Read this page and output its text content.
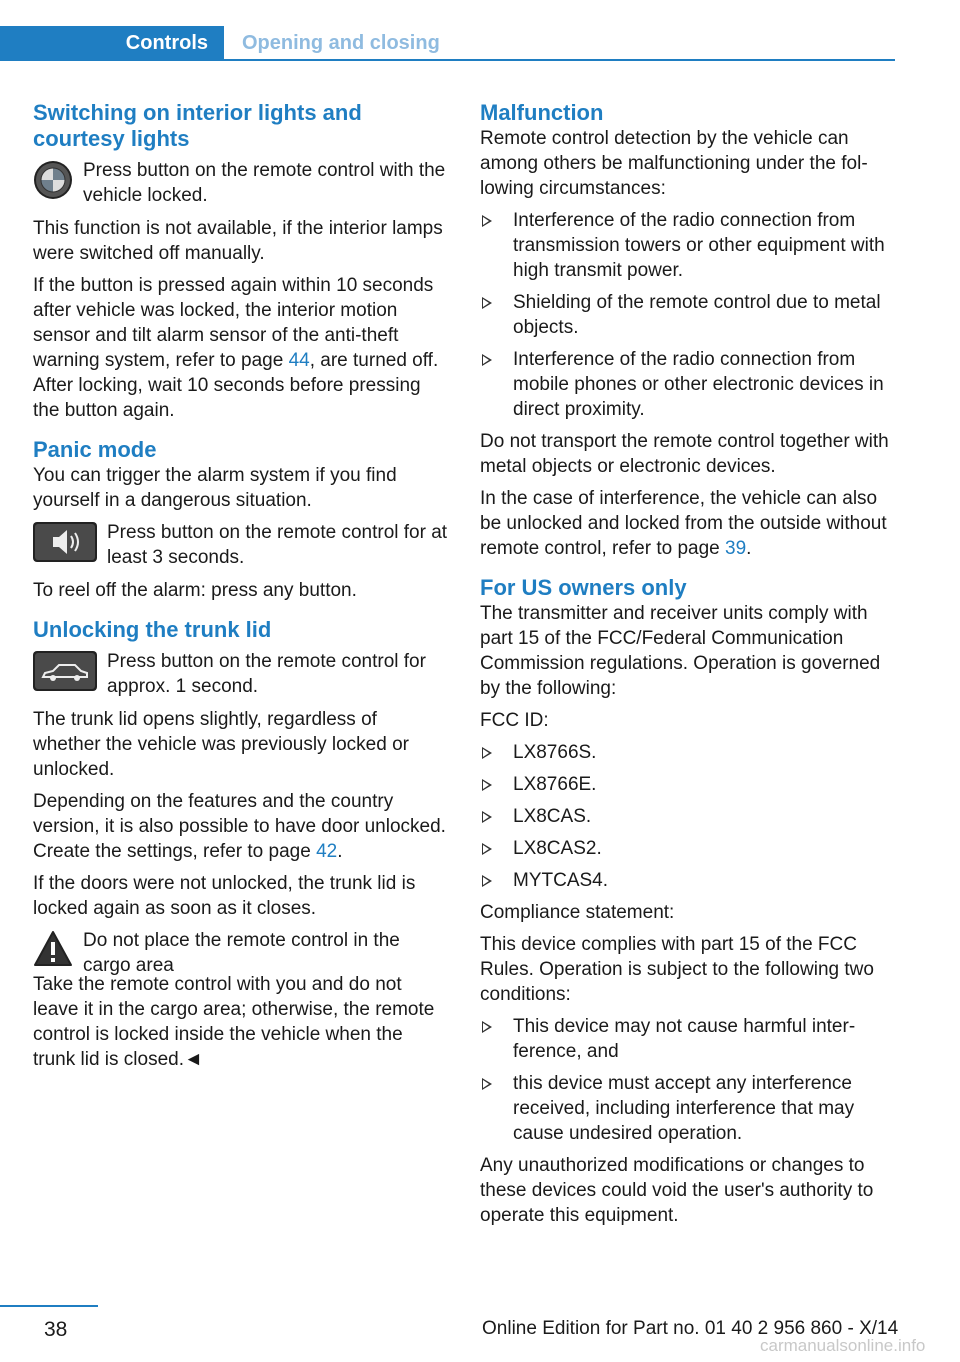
Controls	Opening and closing
Switching on interior lights and courtesy lights
Press button on the remote control with the vehicle locked.

This function is not available, if the interior lamps were switched off manually.

If the button is pressed again within 10 seconds after vehicle was locked, the interior motion sensor and tilt alarm sensor of the anti-theft warning system, refer to page 44, are turned off. After locking, wait 10 seconds before pressing the button again.

Panic mode

You can trigger the alarm system if you find yourself in a dangerous situation.

Press button on the remote control for at least 3 seconds.

To reel off the alarm: press any button.

Unlocking the trunk lid
Press button on the remote control for approx. 1 second.

The trunk lid opens slightly, regardless of whether the vehicle was previously locked or unlocked.

Depending on the features and the country version, it is also possible to have door unlocked. Create the settings, refer to page 42.

If the doors were not unlocked, the trunk lid is locked again as soon as it closes.

Do not place the remote control in the cargo area

Take the remote control with you and do not leave it in the cargo area; otherwise, the remote control is locked inside the vehicle when the trunk lid is closed.◄

Malfunction

Remote control detection by the vehicle can among others be malfunctioning under the following circumstances:

Interference of the radio connection from transmission towers or other equipment with high transmit power.
Shielding of the remote control due to metal objects.
Interference of the radio connection from mobile phones or other electronic devices in direct proximity.

Do not transport the remote control together with metal objects or electronic devices.

In the case of interference, the vehicle can also be unlocked and locked from the outside without remote control, refer to page 39.

For US owners only

The transmitter and receiver units comply with part 15 of the FCC/Federal Communication Commission regulations. Operation is governed by the following:

FCC ID:

LX8766S.
LX8766E.
LX8CAS.
LX8CAS2.
MYTCAS4.

Compliance statement:

This device complies with part 15 of the FCC Rules. Operation is subject to the following two conditions:

This device may not cause harmful interference, and
this device must accept any interference received, including interference that may cause undesired operation.

Any unauthorized modifications or changes to these devices could void the user's authority to operate this equipment.

38	Online Edition for Part no. 01 40 2 956 860 - X/14
carmanualsonline.info
